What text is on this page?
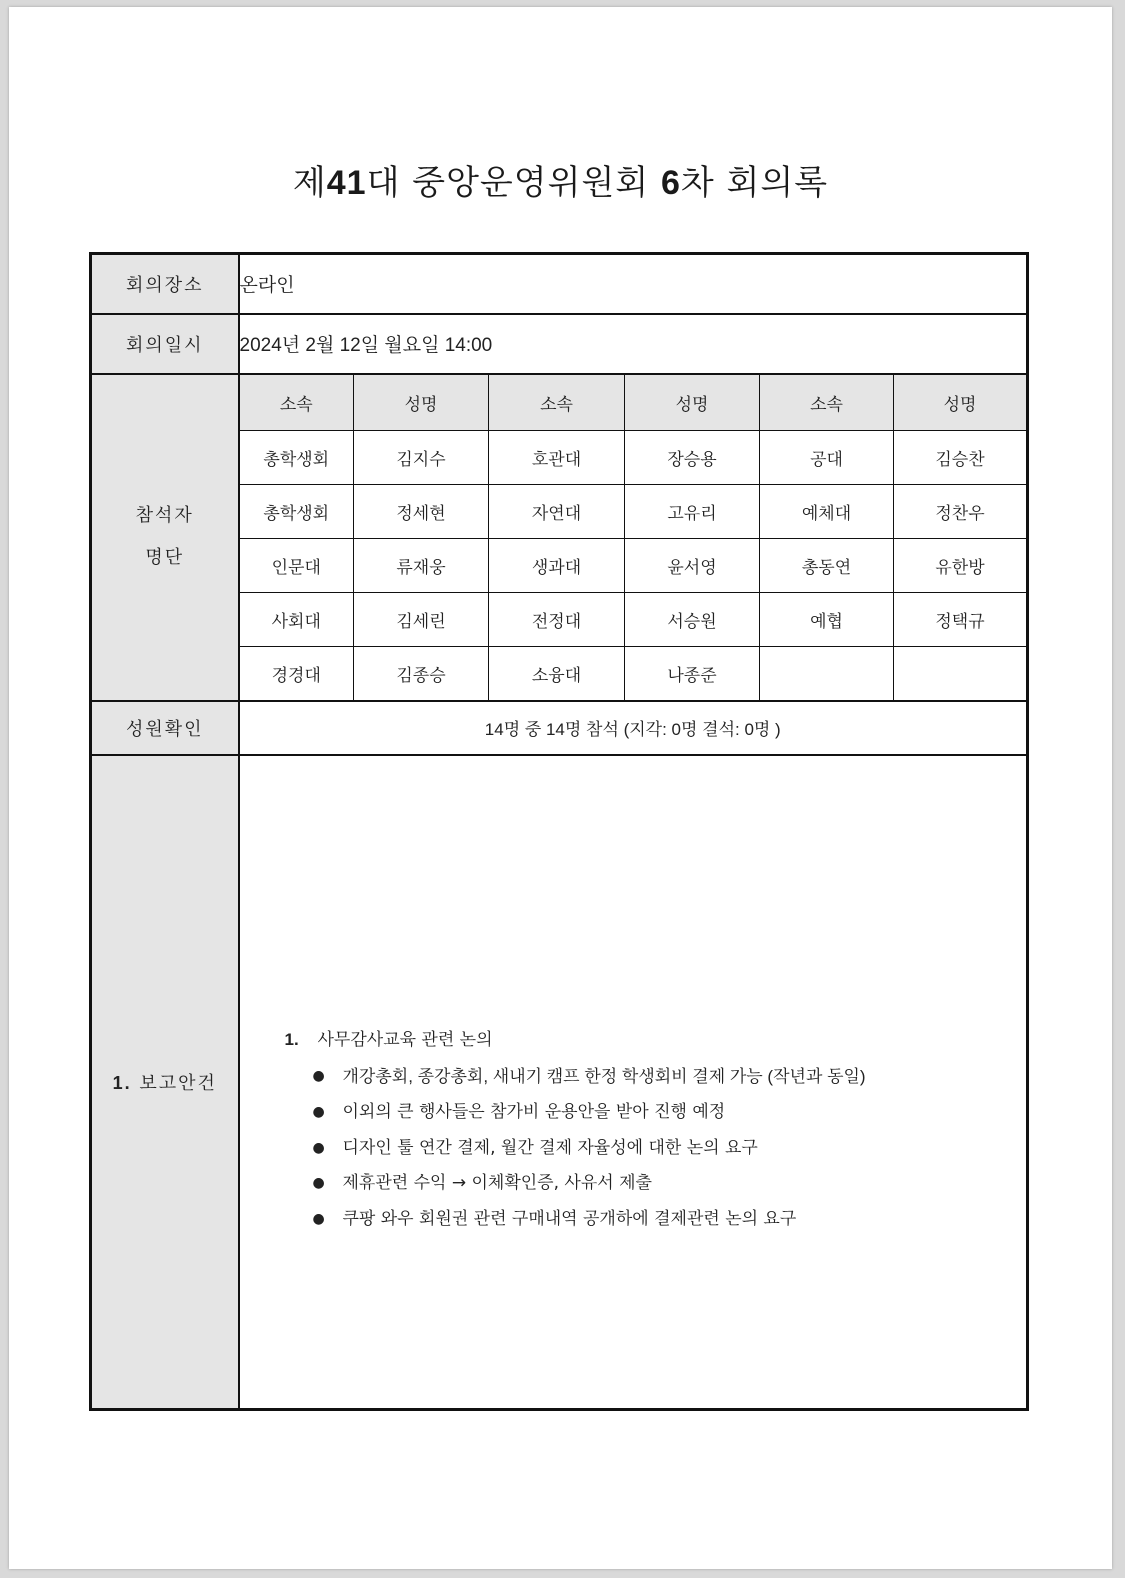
제41대 중앙운영위원회 6차 회의록
회의장소	온라인
회의일시	2024년 2월 12일 월요일 14:00

참석자
명단

소속	성명	소속	성명	소속	성명
총학생회	김지수	호관대	장승용	공대	김승찬
총학생회	정세현	자연대	고유리	예체대	정찬우
인문대	류재웅	생과대	윤서영	총동연	유한방
사회대	김세린	전정대	서승원	예협	정택규
경경대	김종승	소융대	나종준		

성원확인	14명 중 14명 참석 (지각: 0명 결석: 0명 )
1. 보고안건	
1. 사무감사교육 관련 논의
● 개강총회, 종강총회, 새내기 캠프 한정 학생회비 결제 가능 (작년과 동일)
● 이외의 큰 행사들은 참가비 운용안을 받아 진행 예정
● 디자인 툴 연간 결제, 월간 결제 자율성에 대한 논의 요구
● 제휴관련 수익 → 이체확인증, 사유서 제출
● 쿠팡 와우 회원권 관련 구매내역 공개하에 결제관련 논의 요구
